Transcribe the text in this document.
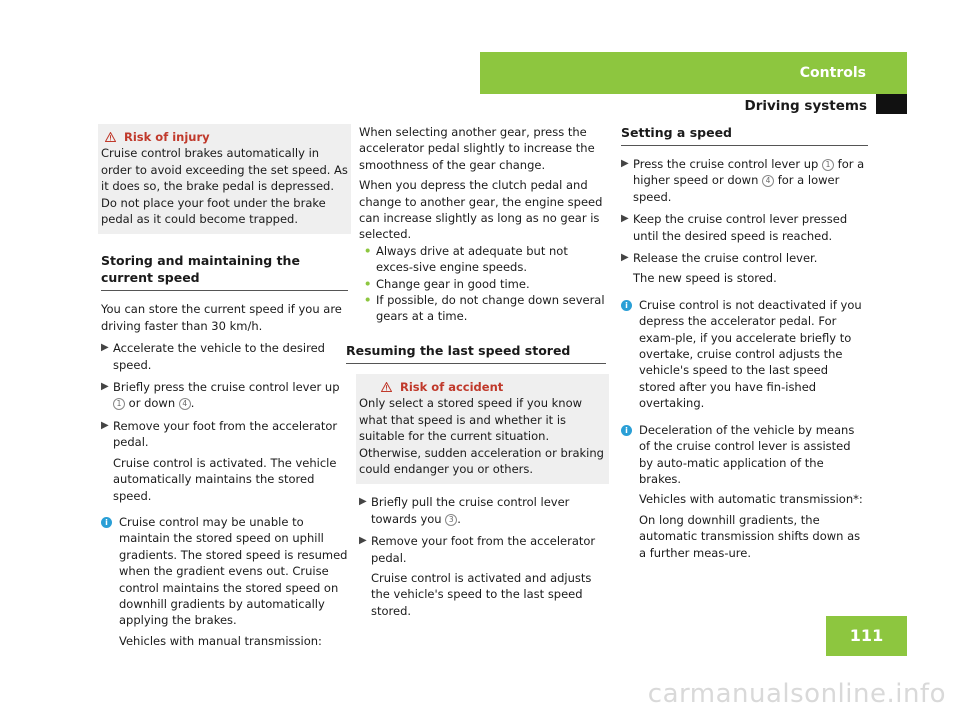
Controls
Driving systems
Risk of injury

Cruise control brakes automatically in order to avoid exceeding the set speed. As it does so, the brake pedal is depressed. Do not place your foot under the brake pedal as it could become trapped.

Storing and maintaining the current speed

You can store the current speed if you are driving faster than 30 km/h.

▶ Accelerate the vehicle to the desired speed.
▶ Briefly press the cruise control lever up
1 or down 4 .
▶ Remove your foot from the accelerator pedal.

Cruise control is activated. The vehicle automatically maintains the stored speed.

i Cruise control may be unable to maintain the stored speed on uphill gradients. The stored speed is resumed when the gradient evens out. Cruise control maintains the stored speed on downhill gradients by automatically applying the brakes.

Vehicles with manual transmission:

When selecting another gear, press the accelerator pedal slightly to increase the smoothness of the gear change.

When you depress the clutch pedal and change to another gear, the engine speed can increase slightly as long as no gear is selected.

• Always drive at adequate but not exces-sive engine speeds.
• Change gear in good time.
• If possible, do not change down several gears at a time.
Resuming the last speed stored
Risk of accident

Only select a stored speed if you know what that speed is and whether it is suitable for the current situation. Otherwise, sudden acceleration or braking could endanger you or others.

▶ Briefly pull the cruise control lever towards you 3 .
▶ Remove your foot from the accelerator pedal.

Cruise control is activated and adjusts the vehicle's speed to the last speed stored.

Setting a speed
▶ Press the cruise control lever up 1 for a higher speed or down 4 for a lower speed.
▶ Keep the cruise control lever pressed until the desired speed is reached.
▶ Release the cruise control lever.

The new speed is stored.

i Cruise control is not deactivated if you depress the accelerator pedal. For exam-ple, if you accelerate briefly to overtake, cruise control adjusts the vehicle's speed to the last speed stored after you have fin-ished overtaking.

i Deceleration of the vehicle by means of the cruise control lever is assisted by auto-matic application of the brakes.

Vehicles with automatic transmission*:

On long downhill gradients, the automatic transmission shifts down as a further meas-ure.

111
carmanualsonline.info
